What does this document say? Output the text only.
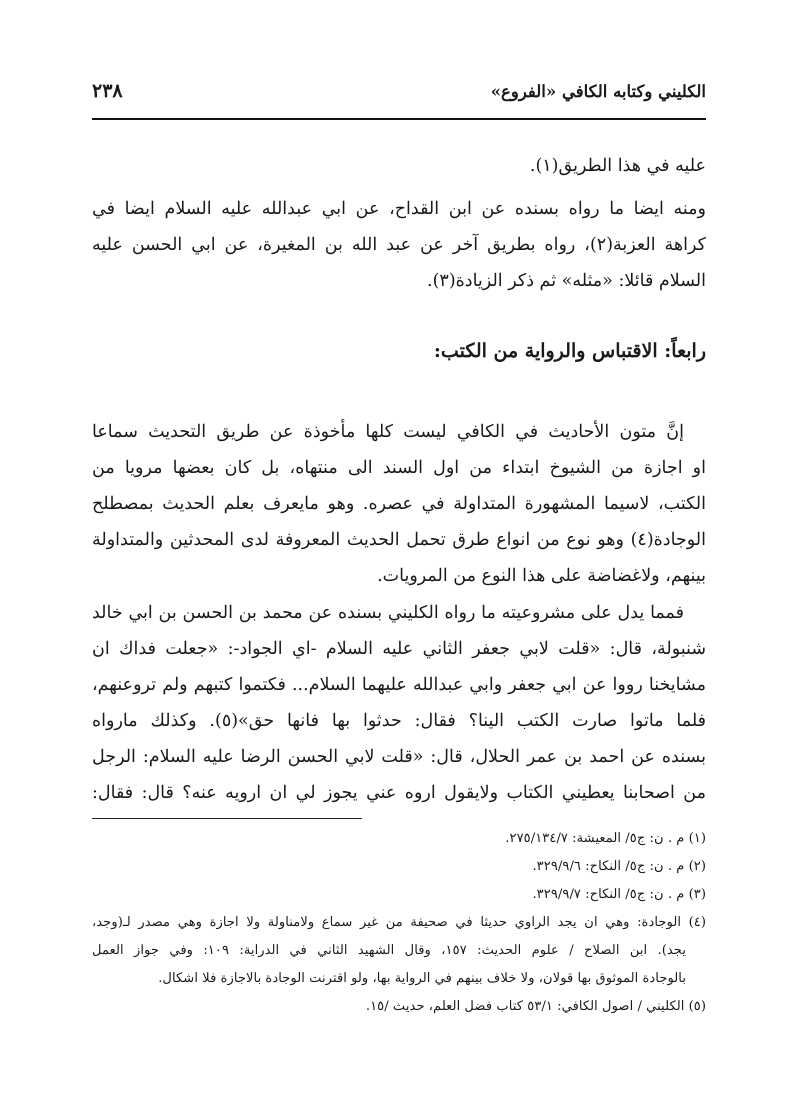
الكليني وكتابه الكافي «الفروع»
٢٣٨
عليه في هذا الطريق(١).
ومنه ايضا ما رواه بسنده عن ابن القداح، عن ابي عبدالله عليه السلام ايضا في
كراهة العزبة(٢)، رواه بطريق آخر عن عبد الله بن المغيرة، عن ابي الحسن عليه
السلام قائلا: «مثله» ثم ذكر الزيادة(٣).
رابعاً: الاقتباس والرواية من الكتب:
إنَّ متون الأحاديث في الكافي ليست كلها مأخوذة عن طريق التحديث سماعا
او اجازة من الشيوخ ابتداء من اول السند الى منتهاه، بل كان بعضها مرويا من
الكتب، لاسيما المشهورة المتداولة في عصره. وهو مايعرف بعلم الحديث بمصطلح
الوجادة(٤) وهو نوع من انواع طرق تحمل الحديث المعروفة لدى المحدثين والمتداولة
بينهم، ولاغضاضة على هذا النوع من المرويات.
فمما يدل على مشروعيته ما رواه الكليني بسنده عن محمد بن الحسن بن ابي خالد
شنبولة، قال: «قلت لابي جعفر الثاني عليه السلام -اي الجواد-: «جعلت فداك ان
مشايخنا رووا عن ابي جعفر وابي عبدالله عليهما السلام... فكتموا كتبهم ولم تروعنهم،
فلما ماتوا صارت الكتب الينا؟ فقال: حدثوا بها فانها حق»(٥). وكذلك مارواه
بسنده عن احمد بن عمر الحلال، قال: «قلت لابي الحسن الرضا عليه السلام: الرجل
من اصحابنا يعطيني الكتاب ولايقول اروه عني يجوز لي ان ارويه عنه؟ قال: فقال:
(١) م . ن: ج٥/ المعيشة: ٢٧٥/١٣٤/٧.
(٢) م . ن: ج٥/ النكاح: ٣٢٩/٩/٦.
(٣) م . ن: ج٥/ النكاح: ٣٢٩/٩/٧.
(٤) الوجادة: وهي ان يجد الراوي حديثا في صحيفة من غير سماع ولامناولة ولا اجازة وهي مصدر لـ(وجد،
يجد). ابن الصلاح / علوم الحديث: ١٥٧، وقال الشهيد الثاني في الدراية: ١٠٩: وفي جواز العمل
بالوجادة الموثوق بها قولان، ولا خلاف بينهم في الرواية بها، ولو اقترنت الوجادة بالاجازة فلا اشكال.
(٥) الكليني / اصول الكافي: ٥٣/١ كتاب فضل العلم، حديث /١٥.
